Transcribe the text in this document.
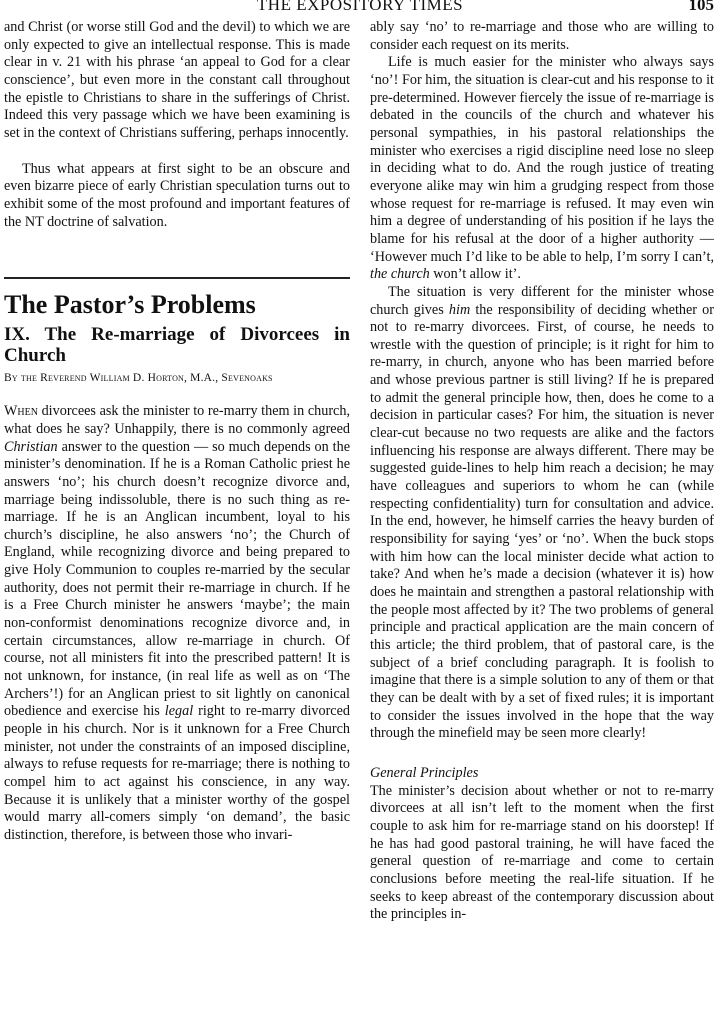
THE EXPOSITORY TIMES	105

and Christ (or worse still God and the devil) to which we are only expected to give an intellectual response. This is made clear in v. 21 with his phrase ‘an appeal to God for a clear conscience’, but even more in the constant call throughout the epistle to Christians to share in the sufferings of Christ. Indeed this very passage which we have been examining is set in the context of Christians suffering, perhaps innocently.

Thus what appears at first sight to be an obscure and even bizarre piece of early Christian speculation turns out to exhibit some of the most profound and important features of the NT doctrine of salvation.

The Pastor’s Problems
IX. The Re-marriage of Divorcees in Church

By the Reverend William D. Horton, M.A., Sevenoaks

When divorcees ask the minister to re-marry them in church, what does he say? Unhappily, there is no commonly agreed Christian answer to the question — so much depends on the minister’s denomination. If he is a Roman Catholic priest he answers ‘no’; his church doesn’t recognize divorce and, marriage being indissoluble, there is no such thing as re-marriage. If he is an Anglican incumbent, loyal to his church’s discipline, he also answers ‘no’; the Church of England, while recognizing divorce and being prepared to give Holy Communion to couples re-married by the secular authority, does not permit their re-marriage in church. If he is a Free Church minister he answers ‘maybe’; the main non-conformist denominations recognize divorce and, in certain circumstances, allow re-marriage in church. Of course, not all ministers fit into the prescribed pattern! It is not unknown, for instance, (in real life as well as on ‘The Archers’!) for an Anglican priest to sit lightly on canonical obedience and exercise his legal right to re-marry divorced people in his church. Nor is it unknown for a Free Church minister, not under the constraints of an imposed discipline, always to refuse requests for re-marriage; there is nothing to compel him to act against his conscience, in any way. Because it is unlikely that a minister worthy of the gospel would marry all-comers simply ‘on demand’, the basic distinction, therefore, is between those who invari-

ably say ‘no’ to re-marriage and those who are willing to consider each request on its merits.

Life is much easier for the minister who always says ‘no’! For him, the situation is clear-cut and his response to it pre-determined. However fiercely the issue of re-marriage is debated in the councils of the church and whatever his personal sympathies, in his pastoral relationships the minister who exercises a rigid discipline need lose no sleep in deciding what to do. And the rough justice of treating everyone alike may win him a grudging respect from those whose request for re-marriage is refused. It may even win him a degree of understanding of his position if he lays the blame for his refusal at the door of a higher authority — ‘However much I’d like to be able to help, I’m sorry I can’t, the church won’t allow it’.

The situation is very different for the minister whose church gives him the responsibility of deciding whether or not to re-marry divorcees. First, of course, he needs to wrestle with the question of principle; is it right for him to re-marry, in church, anyone who has been married before and whose previous partner is still living? If he is prepared to admit the general principle how, then, does he come to a decision in particular cases? For him, the situation is never clear-cut because no two requests are alike and the factors influencing his response are always different. There may be suggested guide-lines to help him reach a decision; he may have colleagues and superiors to whom he can (while respecting confidentiality) turn for consultation and advice. In the end, however, he himself carries the heavy burden of responsibility for saying ‘yes’ or ‘no’. When the buck stops with him how can the local minister decide what action to take? And when he’s made a decision (whatever it is) how does he maintain and strengthen a pastoral relationship with the people most affected by it? The two problems of general principle and practical application are the main concern of this article; the third problem, that of pastoral care, is the subject of a brief concluding paragraph. It is foolish to imagine that there is a simple solution to any of them or that they can be dealt with by a set of fixed rules; it is important to consider the issues involved in the hope that the way through the minefield may be seen more clearly!

General Principles

The minister’s decision about whether or not to re-marry divorcees at all isn’t left to the moment when the first couple to ask him for re-marriage stand on his doorstep! If he has had good pastoral training, he will have faced the general question of re-marriage and come to certain conclusions before meeting the real-life situation. If he seeks to keep abreast of the contemporary discussion about the principles in-
